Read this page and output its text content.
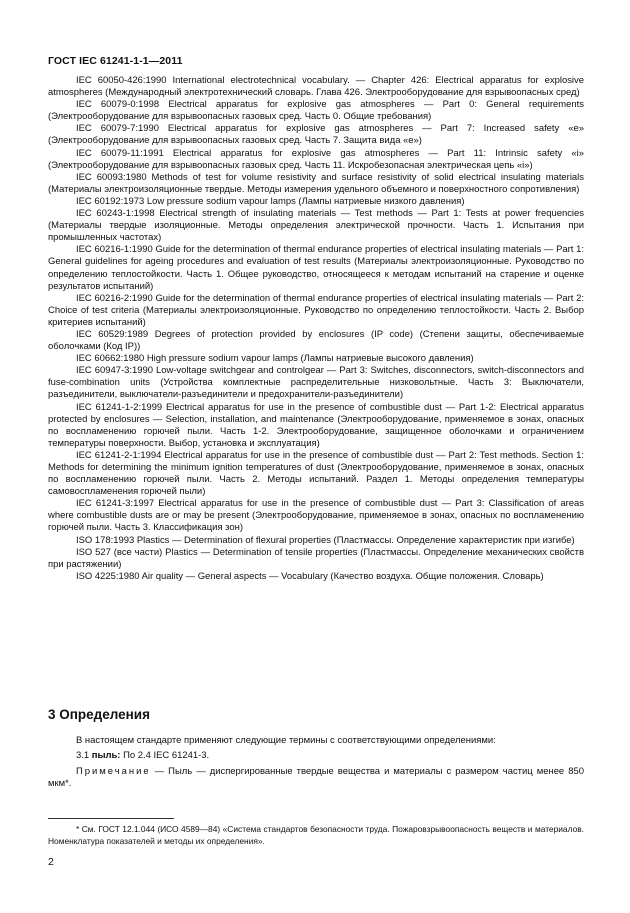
ГОСТ IEC 61241-1-1—2011

IEC 60050-426:1990 International electrotechnical vocabulary. — Chapter 426: Electrical apparatus for explosive atmospheres (Международный электротехнический словарь. Глава 426. Электрооборудование для взрывоопасных сред)

IEC 60079-0:1998 Electrical apparatus for explosive gas atmospheres — Part 0: General requirements (Электрооборудование для взрывоопасных газовых сред. Часть 0. Общие требования)

IEC 60079-7:1990 Electrical apparatus for explosive gas atmospheres — Part 7: Increased safety «е» (Электрооборудование для взрывоопасных газовых сред. Часть 7. Защита вида «е»)

IEC 60079-11:1991 Electrical apparatus for explosive gas atmospheres — Part 11: Intrinsic safety «i» (Электрооборудование для взрывоопасных газовых сред. Часть 11. Искробезопасная электрическая цепь «i»)

IEC 60093:1980 Methods of test for volume resistivity and surface resistivity of solid electrical insulating materials (Материалы электроизоляционные твердые. Методы измерения удельного объемного и поверхностного сопротивления)

IEC 60192:1973 Low pressure sodium vapour lamps (Лампы натриевые низкого давления)

IEC 60243-1:1998 Electrical strength of insulating materials — Test methods — Part 1: Tests at power frequencies (Материалы твердые изоляционные. Методы определения электрической прочности. Часть 1. Испытания при промышленных частотах)

IEC 60216-1:1990 Guide for the determination of thermal endurance properties of electrical insulating materials — Part 1: General guidelines for ageing procedures and evaluation of test results (Материалы электроизоляционные. Руководство по определению теплостойкости. Часть 1. Общее руководство, относящееся к методам испытаний на старение и оценке результатов испытаний)

IEC 60216-2:1990 Guide for the determination of thermal endurance properties of electrical insulating materials — Part 2: Choice of test criteria (Материалы электроизоляционные. Руководство по определению теплостойкости. Часть 2. Выбор критериев испытаний)

IEC 60529:1989 Degrees of protection provided by enclosures (IP code) (Степени защиты, обеспечиваемые оболочками (Код IP))

IEC 60662:1980 High pressure sodium vapour lamps (Лампы натриевые высокого давления)

IEC 60947-3:1990 Low-voltage switchgear and controlgear — Part 3: Switches, disconnectors, switch-disconnectors and fuse-combination units (Устройства комплектные распределительные низковольтные. Часть 3: Выключатели, разъединители, выключатели-разъединители и предохранители-разъединители)

IEC 61241-1-2:1999 Electrical apparatus for use in the presence of combustible dust — Part 1-2: Electrical apparatus protected by enclosures — Selection, installation, and maintenance (Электрооборудование, применяемое в зонах, опасных по воспламенению горючей пыли. Часть 1-2. Электрооборудование, защищенное оболочками и ограничением температуры поверхности. Выбор, установка и эксплуатация)

IEC 61241-2-1:1994 Electrical apparatus for use in the presence of combustible dust — Part 2: Test methods. Section 1: Methods for determining the minimum ignition temperatures of dust (Электрооборудование, применяемое в зонах, опасных по воспламенению горючей пыли. Часть 2. Методы испытаний. Раздел 1. Методы определения температуры самовоспламенения горючей пыли)

IEC 61241-3:1997 Electrical apparatus for use in the presence of combustible dust — Part 3: Classification of areas where combustible dusts are or may be present (Электрооборудование, применяемое в зонах, опасных по воспламенению горючей пыли. Часть 3. Классификация зон)

ISO 178:1993 Plastics — Determination of flexural properties (Пластмассы. Определение характеристик при изгибе)

ISO 527 (все части) Plastics — Determination of tensile properties (Пластмассы. Определение механических свойств при растяжении)

ISO 4225:1980 Air quality — General aspects — Vocabulary (Качество воздуха. Общие положения. Словарь)

3 Определения

В настоящем стандарте применяют следующие термины с соответствующими определениями:

3.1 пыль: По 2.4 IEC 61241-3.

Примечание — Пыль — диспергированные твердые вещества и материалы с размером частиц менее 850 мкм*.

* См. ГОСТ 12.1.044 (ИСО 4589—84) «Система стандартов безопасности труда. Пожаровзрывоопасность веществ и материалов. Номенклатура показателей и методы их определения».

2
